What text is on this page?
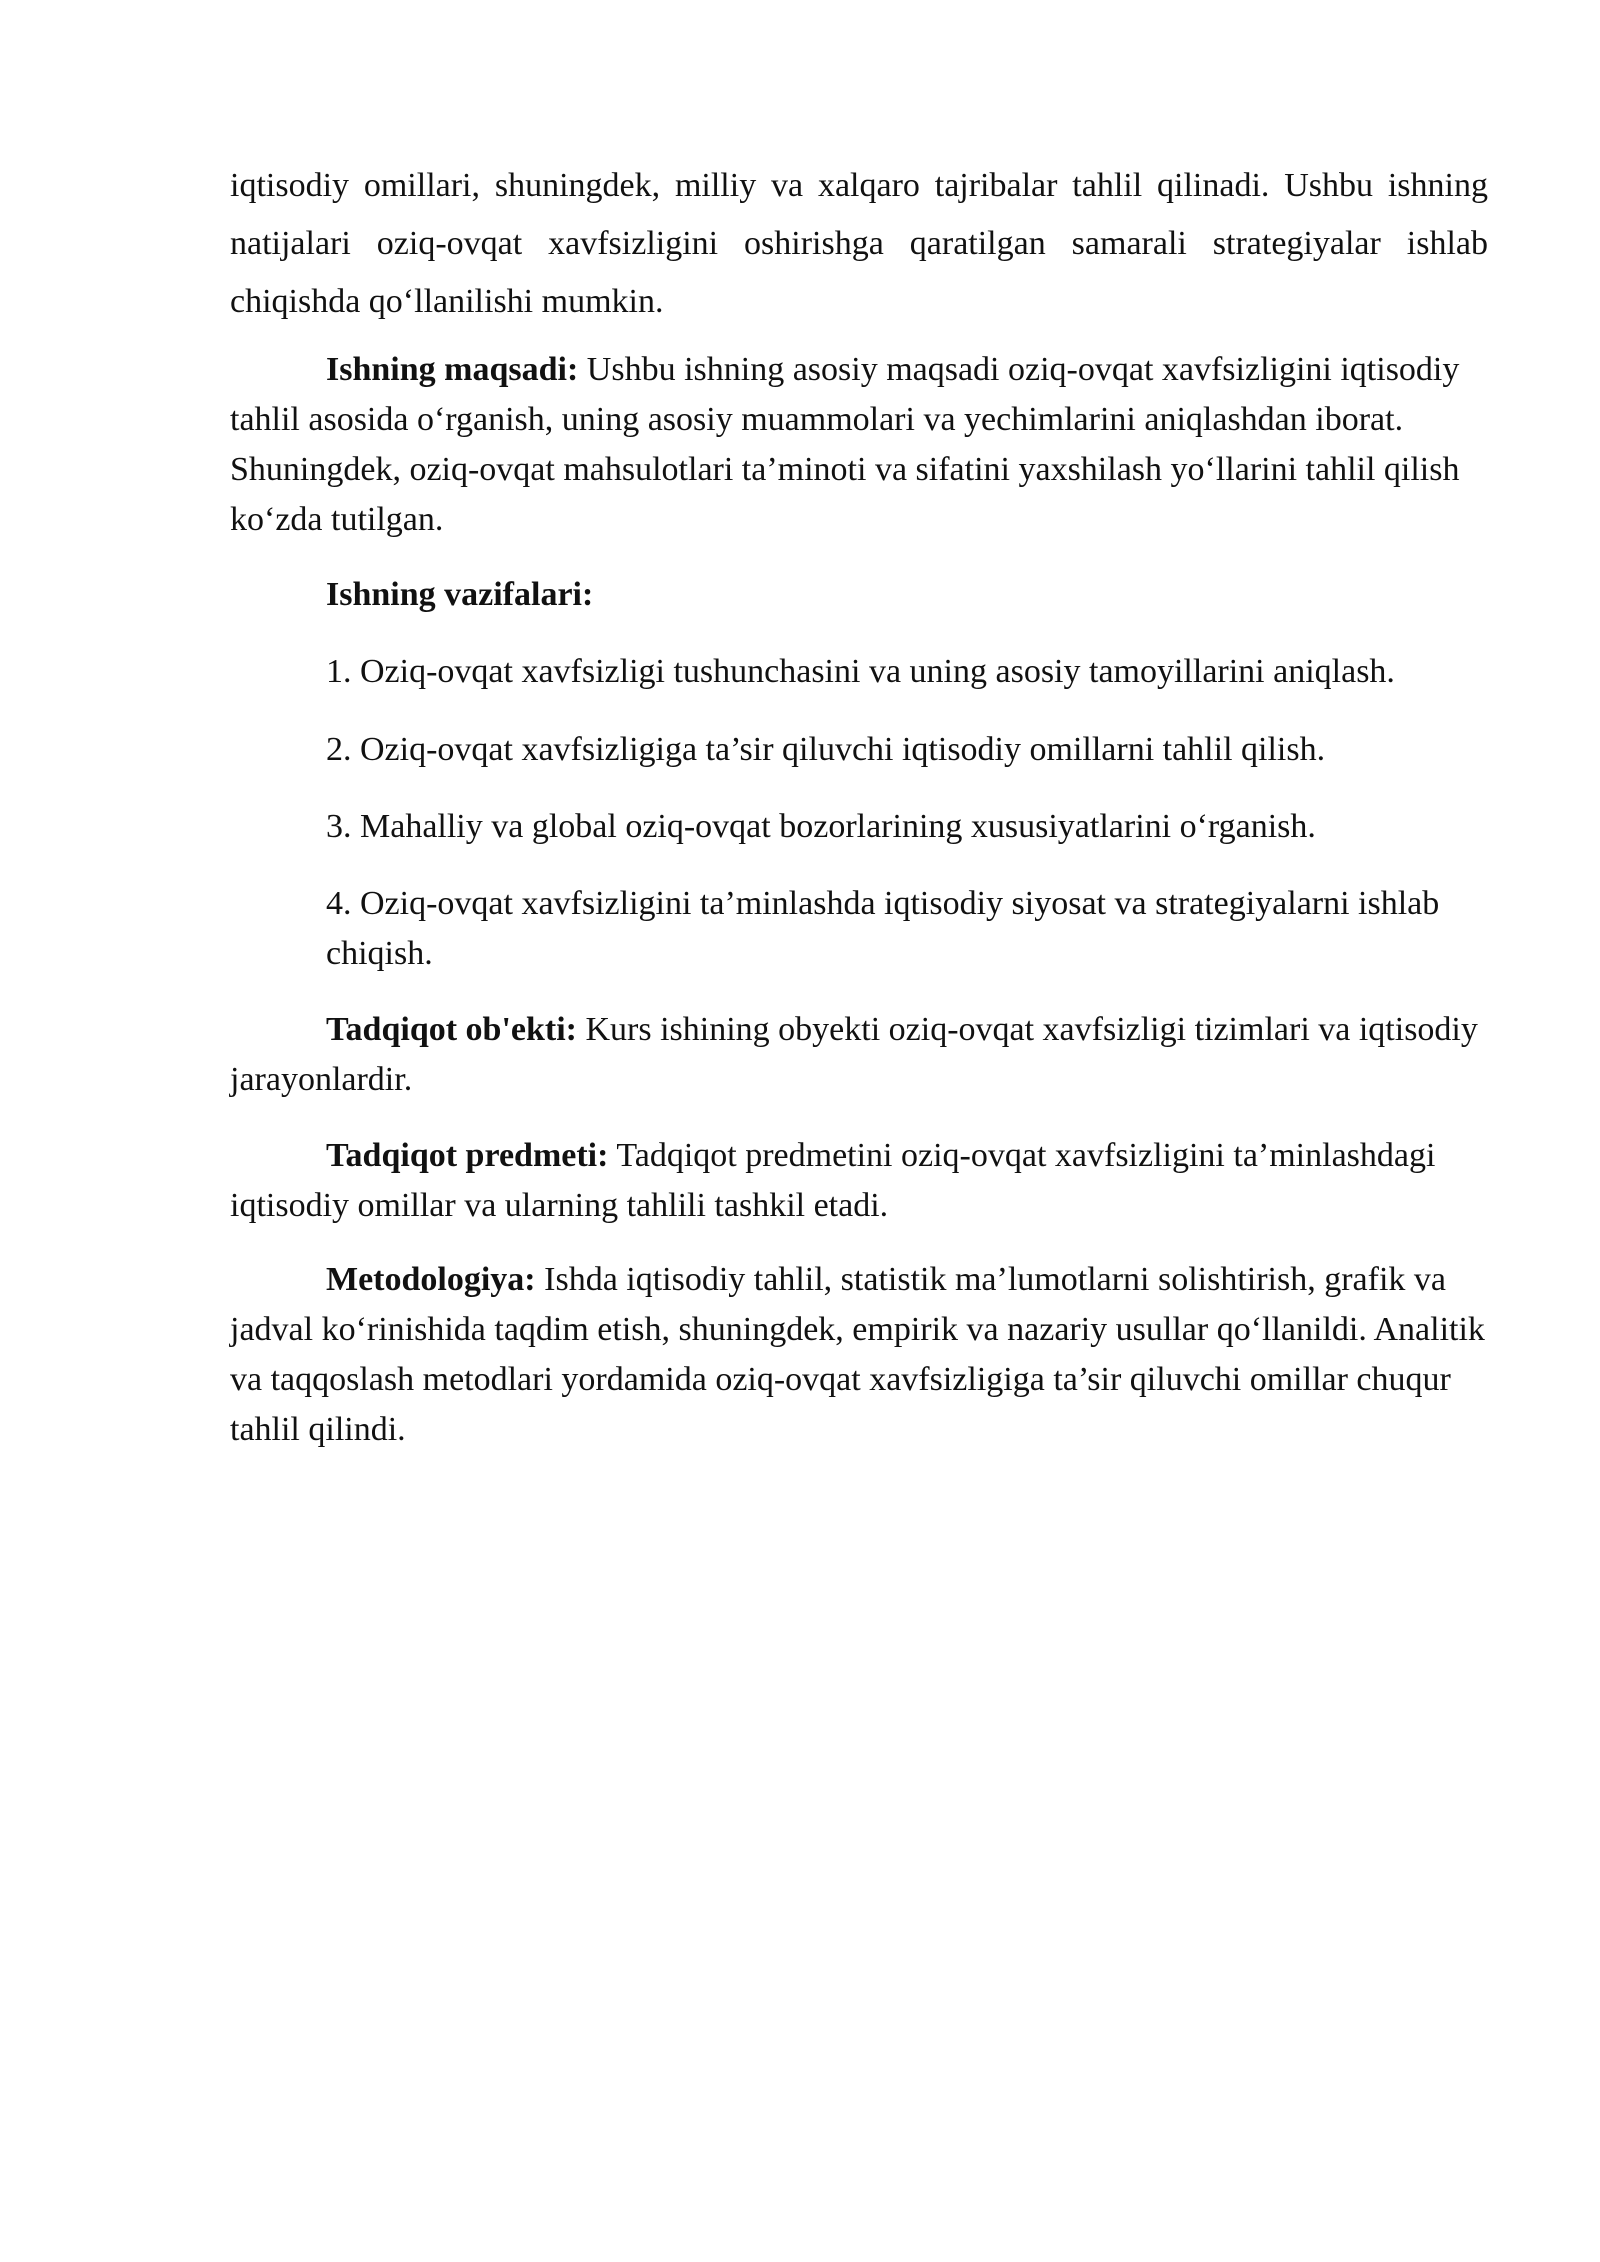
iqtisodiy omillari, shuningdek, milliy va xalqaro tajribalar tahlil qilinadi. Ushbu ishning natijalari oziq-ovqat xavfsizligini oshirishga qaratilgan samarali strategiyalar ishlab chiqishda qo‘llanilishi mumkin.

Ishning maqsadi: Ushbu ishning asosiy maqsadi oziq-ovqat xavfsizligini iqtisodiy tahlil asosida o‘rganish, uning asosiy muammolari va yechimlarini aniqlashdan iborat. Shuningdek, oziq-ovqat mahsulotlari ta’minoti va sifatini yaxshilash yo‘llarini tahlil qilish ko‘zda tutilgan.

Ishning vazifalari:

1. Oziq-ovqat xavfsizligi tushunchasini va uning asosiy tamoyillarini aniqlash.

2. Oziq-ovqat xavfsizligiga ta’sir qiluvchi iqtisodiy omillarni tahlil qilish.

3. Mahalliy va global oziq-ovqat bozorlarining xususiyatlarini o‘rganish.

4. Oziq-ovqat xavfsizligini ta’minlashda iqtisodiy siyosat va strategiyalarni ishlab chiqish.

Tadqiqot ob'ekti: Kurs ishining obyekti oziq-ovqat xavfsizligi tizimlari va iqtisodiy jarayonlardir.

Tadqiqot predmeti: Tadqiqot predmetini oziq-ovqat xavfsizligini ta’minlashdagi iqtisodiy omillar va ularning tahlili tashkil etadi.

Metodologiya: Ishda iqtisodiy tahlil, statistik ma’lumotlarni solishtirish, grafik va jadval ko‘rinishida taqdim etish, shuningdek, empirik va nazariy usullar qo‘llanildi. Analitik va taqqoslash metodlari yordamida oziq-ovqat xavfsizligiga ta’sir qiluvchi omillar chuqur tahlil qilindi.
